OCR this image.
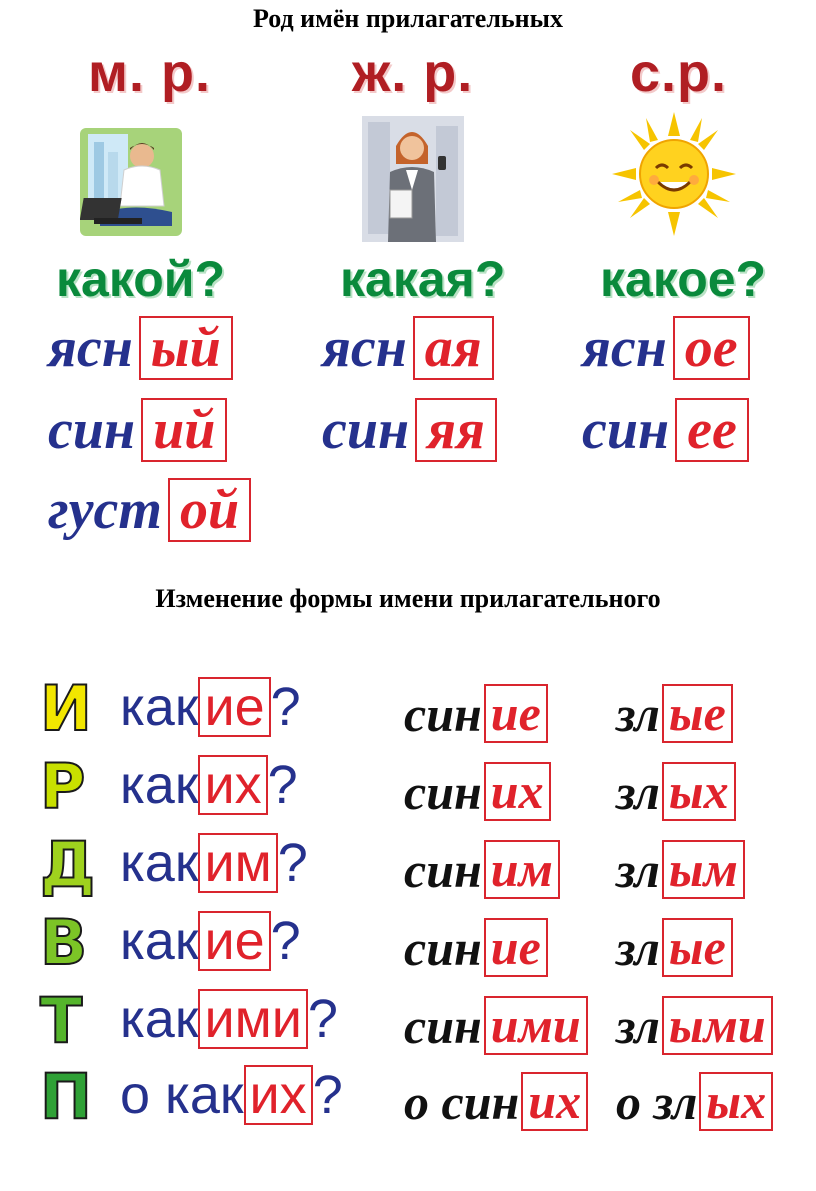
Род имён прилагательных
м. р.
какой?
ясн ый
син ий
густ ой
ж. р.
какая?
ясн ая
син яя
с.р.
какое?
ясн ое
син ее
Изменение формы имени прилагательного
И как ие ? син ие зл ые
Р как их ? син их зл ых
Д как им ? син им зл ым
В как ие ? син ие зл ые
Т как ими ? син ими зл ыми
П о как их ? о син их о зл ых
